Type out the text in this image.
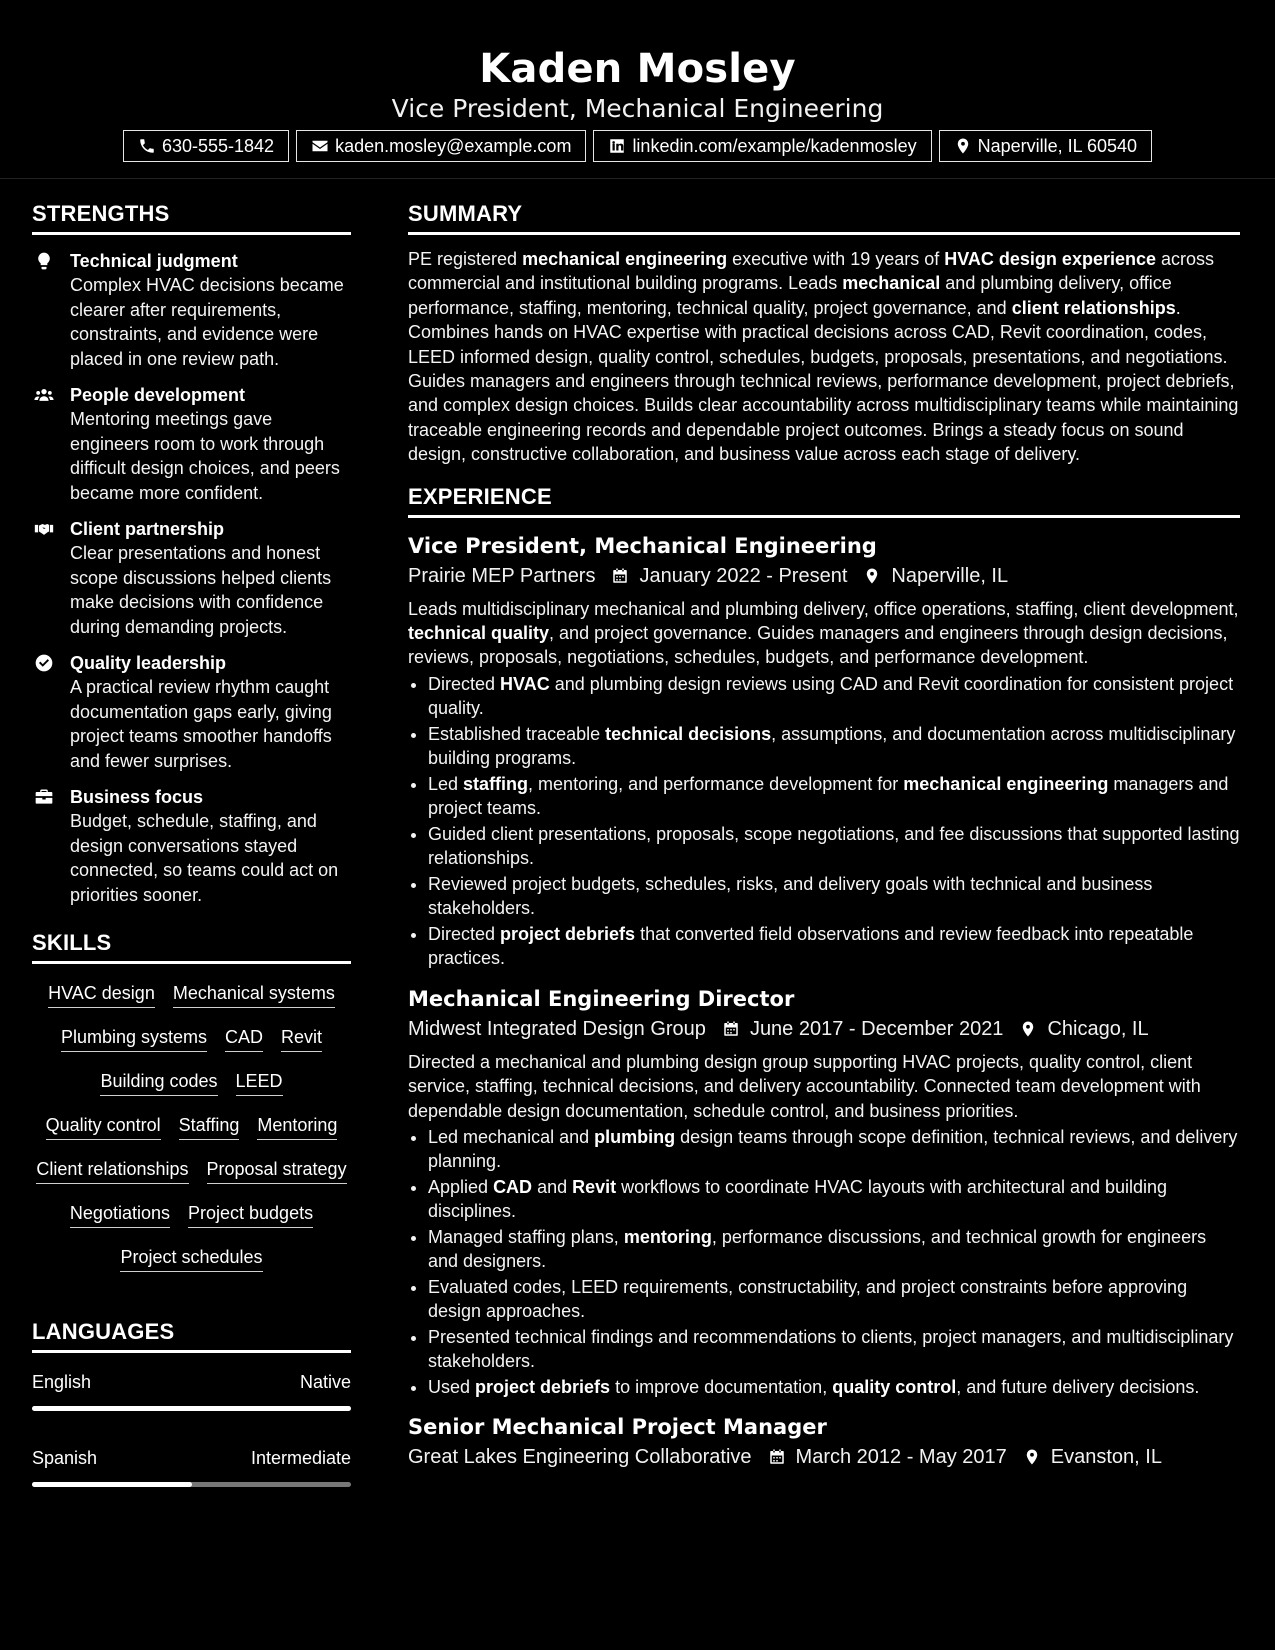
Kaden Mosley
Vice President, Mechanical Engineering
630-555-1842	kaden.mosley@example.com	linkedin.com/example/kadenmosley	Naperville, IL 60540
STRENGTHS
Technical judgment
Complex HVAC decisions became clearer after requirements, constraints, and evidence were placed in one review path.
People development
Mentoring meetings gave engineers room to work through difficult design choices, and peers became more confident.
Client partnership
Clear presentations and honest scope discussions helped clients make decisions with confidence during demanding projects.
Quality leadership
A practical review rhythm caught documentation gaps early, giving project teams smoother handoffs and fewer surprises.
Business focus
Budget, schedule, staffing, and design conversations stayed connected, so teams could act on priorities sooner.
SKILLS
HVAC design Mechanical systems
Plumbing systems CAD Revit
Building codes LEED
Quality control Staffing Mentoring
Client relationships Proposal strategy
Negotiations Project budgets
Project schedules
LANGUAGES
English	Native
Spanish	Intermediate
SUMMARY

PE registered mechanical engineering executive with 19 years of HVAC design experience across commercial and institutional building programs. Leads mechanical and plumbing delivery, office performance, staffing, mentoring, technical quality, project governance, and client relationships. Combines hands on HVAC expertise with practical decisions across CAD, Revit coordination, codes, LEED informed design, quality control, schedules, budgets, proposals, presentations, and negotiations. Guides managers and engineers through technical reviews, performance development, project debriefs, and complex design choices. Builds clear accountability across multidisciplinary teams while maintaining traceable engineering records and dependable project outcomes. Brings a steady focus on sound design, constructive collaboration, and business value across each stage of delivery.

EXPERIENCE
Vice President, Mechanical Engineering
Prairie MEP Partners January 2022 - Present Naperville, IL

Leads multidisciplinary mechanical and plumbing delivery, office operations, staffing, client development, technical quality, and project governance. Guides managers and engineers through design decisions, reviews, proposals, negotiations, schedules, budgets, and performance development.

• Directed HVAC and plumbing design reviews using CAD and Revit coordination for consistent project quality.
• Established traceable technical decisions, assumptions, and documentation across multidisciplinary building programs.
• Led staffing, mentoring, and performance development for mechanical engineering managers and project teams.
• Guided client presentations, proposals, scope negotiations, and fee discussions that supported lasting relationships.
• Reviewed project budgets, schedules, risks, and delivery goals with technical and business stakeholders.
• Directed project debriefs that converted field observations and review feedback into repeatable practices.
Mechanical Engineering Director
Midwest Integrated Design Group June 2017 - December 2021 Chicago, IL

Directed a mechanical and plumbing design group supporting HVAC projects, quality control, client service, staffing, technical decisions, and delivery accountability. Connected team development with dependable design documentation, schedule control, and business priorities.

• Led mechanical and plumbing design teams through scope definition, technical reviews, and delivery planning.
• Applied CAD and Revit workflows to coordinate HVAC layouts with architectural and building disciplines.
• Managed staffing plans, mentoring, performance discussions, and technical growth for engineers and designers.
• Evaluated codes, LEED requirements, constructability, and project constraints before approving design approaches.
• Presented technical findings and recommendations to clients, project managers, and multidisciplinary stakeholders.
• Used project debriefs to improve documentation, quality control, and future delivery decisions.
Senior Mechanical Project Manager
Great Lakes Engineering Collaborative March 2012 - May 2017 Evanston, IL
